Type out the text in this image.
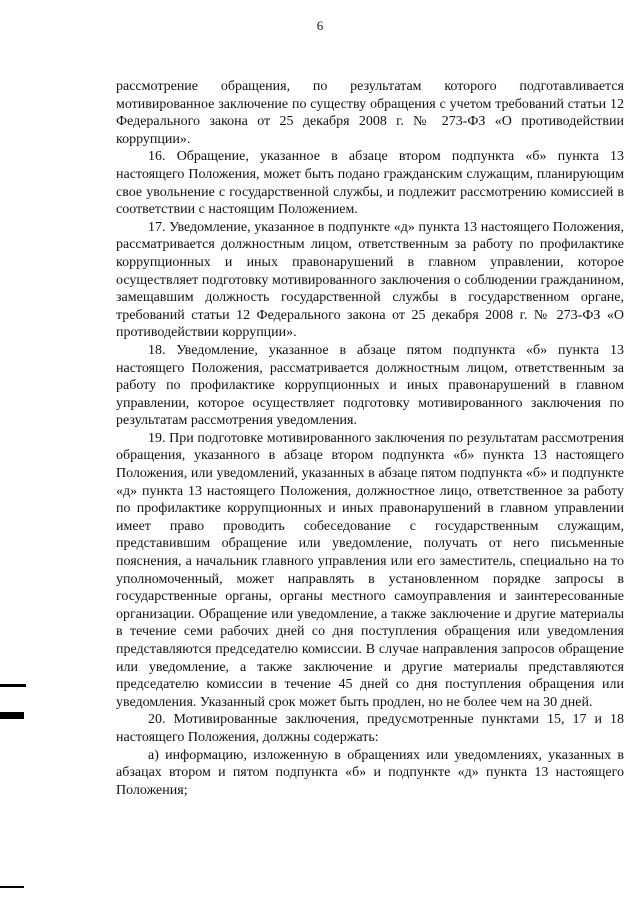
6

рассмотрение обращения, по результатам которого подготавливается мотивированное заключение по существу обращения с учетом требований статьи 12 Федерального закона от 25 декабря 2008 г. № 273-ФЗ «О противодействии коррупции».

16. Обращение, указанное в абзаце втором подпункта «б» пункта 13 настоящего Положения, может быть подано гражданским служащим, планирующим свое увольнение с государственной службы, и подлежит рассмотрению комиссией в соответствии с настоящим Положением.

17. Уведомление, указанное в подпункте «д» пункта 13 настоящего Положения, рассматривается должностным лицом, ответственным за работу по профилактике коррупционных и иных правонарушений в главном управлении, которое осуществляет подготовку мотивированного заключения о соблюдении гражданином, замещавшим должность государственной службы в государственном органе, требований статьи 12 Федерального закона от 25 декабря 2008 г. № 273-ФЗ «О противодействии коррупции».

18. Уведомление, указанное в абзаце пятом подпункта «б» пункта 13 настоящего Положения, рассматривается должностным лицом, ответственным за работу по профилактике коррупционных и иных правонарушений в главном управлении, которое осуществляет подготовку мотивированного заключения по результатам рассмотрения уведомления.

19. При подготовке мотивированного заключения по результатам рассмотрения обращения, указанного в абзаце втором подпункта «б» пункта 13 настоящего Положения, или уведомлений, указанных в абзаце пятом подпункта «б» и подпункте «д» пункта 13 настоящего Положения, должностное лицо, ответственное за работу по профилактике коррупционных и иных правонарушений в главном управлении имеет право проводить собеседование с государственным служащим, представившим обращение или уведомление, получать от него письменные пояснения, а начальник главного управления или его заместитель, специально на то уполномоченный, может направлять в установленном порядке запросы в государственные органы, органы местного самоуправления и заинтересованные организации. Обращение или уведомление, а также заключение и другие материалы в течение семи рабочих дней со дня поступления обращения или уведомления представляются председателю комиссии. В случае направления запросов обращение или уведомление, а также заключение и другие материалы представляются председателю комиссии в течение 45 дней со дня поступления обращения или уведомления. Указанный срок может быть продлен, но не более чем на 30 дней.

20. Мотивированные заключения, предусмотренные пунктами 15, 17 и 18 настоящего Положения, должны содержать:

а) информацию, изложенную в обращениях или уведомлениях, указанных в абзацах втором и пятом подпункта «б» и подпункте «д» пункта 13 настоящего Положения;
